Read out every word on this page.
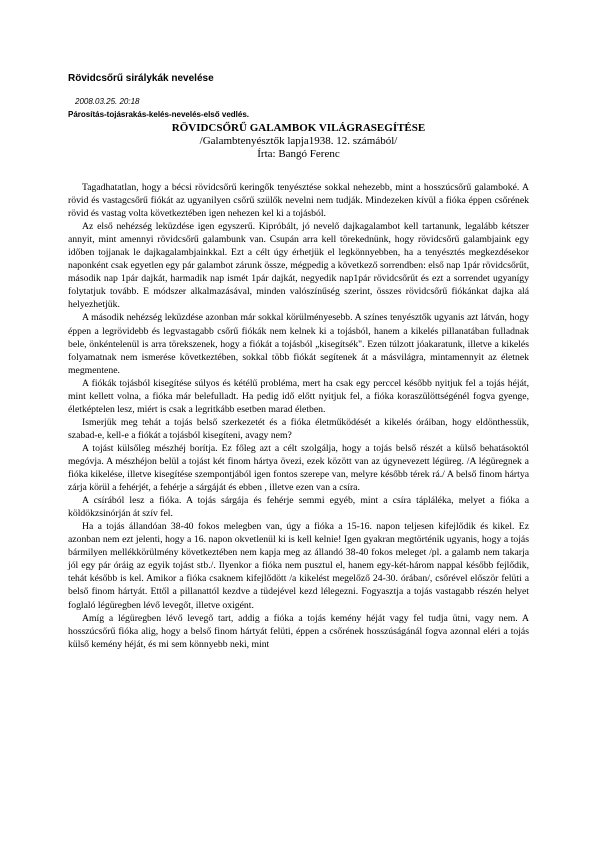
Rövidcsőrű sirálykák nevelése
2008.03.25. 20:18
Párosítás-tojásrakás-kelés-nevelés-első vedlés.
RÖVIDCSŐRŰ GALAMBOK VILÁGRASEGÍTÉSE
/Galambtenyésztők lapja1938. 12. számából/
Írta: Bangó Ferenc

Tagadhatatlan, hogy a bécsi rövidcsőrű keringők tenyésztése sokkal nehezebb, mint a hosszúcsőrű galamboké. A rövid és vastagcsőrű fiókát az ugyanilyen csőrű szülők nevelni nem tudják. Mindezeken kívül a fióka éppen csőrének rövid és vastag volta következtében igen nehezen kel ki a tojásból.

Az első nehézség leküzdése igen egyszerű. Kipróbált, jó nevelő dajkagalambot kell tartanunk, legalább kétszer annyit, mint amennyi rövidcsőrű galambunk van. Csupán arra kell törekednünk, hogy rövidcsőrű galambjaink egy időben tojjanak le dajkagalambjainkkal. Ezt a célt úgy érhetjük el legkönnyebben, ha a tenyésztés megkezdésekor naponként csak egyetlen egy pár galambot zárunk össze, mégpedig a következő sorrendben: első nap 1pár rövidcsőrűt, második nap 1pár dajkát, harmadik nap ismét 1pár dajkát, negyedik nap1pár rövidcsőrűt és ezt a sorrendet ugyanígy folytatjuk tovább. E módszer alkalmazásával, minden valószínűség szerint, összes rövidcsőrű fiókánkat dajka alá helyezhetjük.

A második nehézség leküzdése azonban már sokkal körülményesebb. A színes tenyésztők ugyanis azt látván, hogy éppen a legrövidebb és legvastagabb csőrű fiókák nem kelnek ki a tojásból, hanem a kikelés pillanatában fulladnak bele, önkéntelenül is arra törekszenek, hogy a fiókát a tojásból „kisegítsék". Ezen túlzott jóakaratunk, illetve a kikelés folyamatnak nem ismerése következtében, sokkal több fiókát segítenek át a másvilágra, mintamennyit az életnek megmentene.

A fiókák tojásból kisegítése súlyos és kétélű probléma, mert ha csak egy perccel később nyitjuk fel a tojás héját, mint kellett volna, a fióka már belefulladt. Ha pedig idő előtt nyitjuk fel, a fióka koraszülöttségénél fogva gyenge, életképtelen lesz, miért is csak a legritkább esetben marad életben.

Ismerjük meg tehát a tojás belső szerkezetét és a fióka életműködését a kikelés óráiban, hogy eldönthessük, szabad-e, kell-e a fiókát a tojásból kisegíteni, avagy nem?

A tojást külsőleg mészhéj borítja. Ez főleg azt a célt szolgálja, hogy a tojás belső részét a külső behatásoktól megóvja. A mészhéjon belül a tojást két finom hártya övezi, ezek között van az úgynevezett légüreg. /A légüregnek a fióka kikelése, illetve kisegítése szempontjából igen fontos szerepe van, melyre később térek rá./ A belső finom hártya zárja körül a fehérjét, a fehérje a sárgáját és ebben , illetve ezen van a csíra.

A csírából lesz a fióka. A tojás sárgája és fehérje semmi egyéb, mint a csíra tápláléka, melyet a fióka a köldökzsinórján át szív fel.

Ha a tojás állandóan 38-40 fokos melegben van, úgy a fióka a 15-16. napon teljesen kifejlődik és kikel. Ez azonban nem ezt jelenti, hogy a 16. napon okvetlenül ki is kell kelnie! Igen gyakran megtörténik ugyanis, hogy a tojás bármilyen mellékkörülmény következtében nem kapja meg az állandó 38-40 fokos meleget /pl. a galamb nem takarja jól egy pár óráig az egyik tojást stb./. Ilyenkor a fióka nem pusztul el, hanem egy-két-három nappal később fejlődik, tehát később is kel. Amikor a fióka csaknem kifejlődött /a kikelést megelőző 24-30. órában/, csőrével először felüti a belső finom hártyát. Ettől a pillanattól kezdve a tüdejével kezd lélegezni. Fogyasztja a tojás vastagabb részén helyet foglaló légüregben lévő levegőt, illetve oxigént.

Amíg a légüregben lévő levegő tart, addig a fióka a tojás kemény héját vagy fel tudja ütni, vagy nem. A hosszúcsőrű fióka alig, hogy a belső finom hártyát felüti, éppen a csőrének hosszúságánál fogva azonnal eléri a tojás külső kemény héját, és mi sem könnyebb neki, mint
